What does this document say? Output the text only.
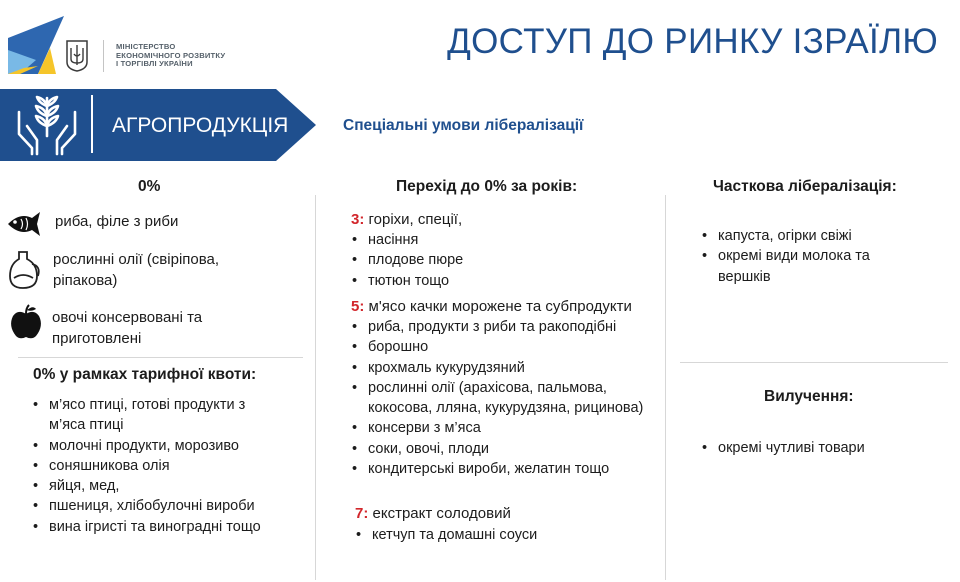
МІНІСТЕРСТВО
ЕКОНОМІЧНОГО РОЗВИТКУ
І ТОРГІВЛІ УКРАЇНИ
ДОСТУП ДО РИНКУ ІЗРАЇЛЮ
АГРОПРОДУКЦІЯ	Спеціальні умови лібералізації
0%
риба, філе з риби
рослинні олії (свіріпова, ріпакова)
овочі консервовані та приготовлені
0% у рамках тарифної квоти:
• м’ясо птиці, готові продукти з м’яса птиці
• молочні продукти, морозиво
• соняшникова олія
• яйця, мед,
• пшениця, хлібобулочні вироби
• вина ігристі та виноградні тощо
Перехід до 0% за років:
3: горіхи, спеції,
• насіння
• плодове пюре
• тютюн тощо
5: м'ясо качки морожене та субпродукти
• риба, продукти з риби та ракоподібні
• борошно
• крохмаль кукурудзяний
• рослинні олії (арахісова, пальмова, кокосова, лляна, кукурудзяна, рицинова)
• консерви з м’яса
• соки, овочі, плоди
• кондитерські вироби, желатин тощо
7: екстракт солодовий
• кетчуп та домашні соуси
Часткова лібералізація:
• капуста, огірки свіжі
• окремі види молока та вершків
Вилучення:
• окремі чутливі товари
